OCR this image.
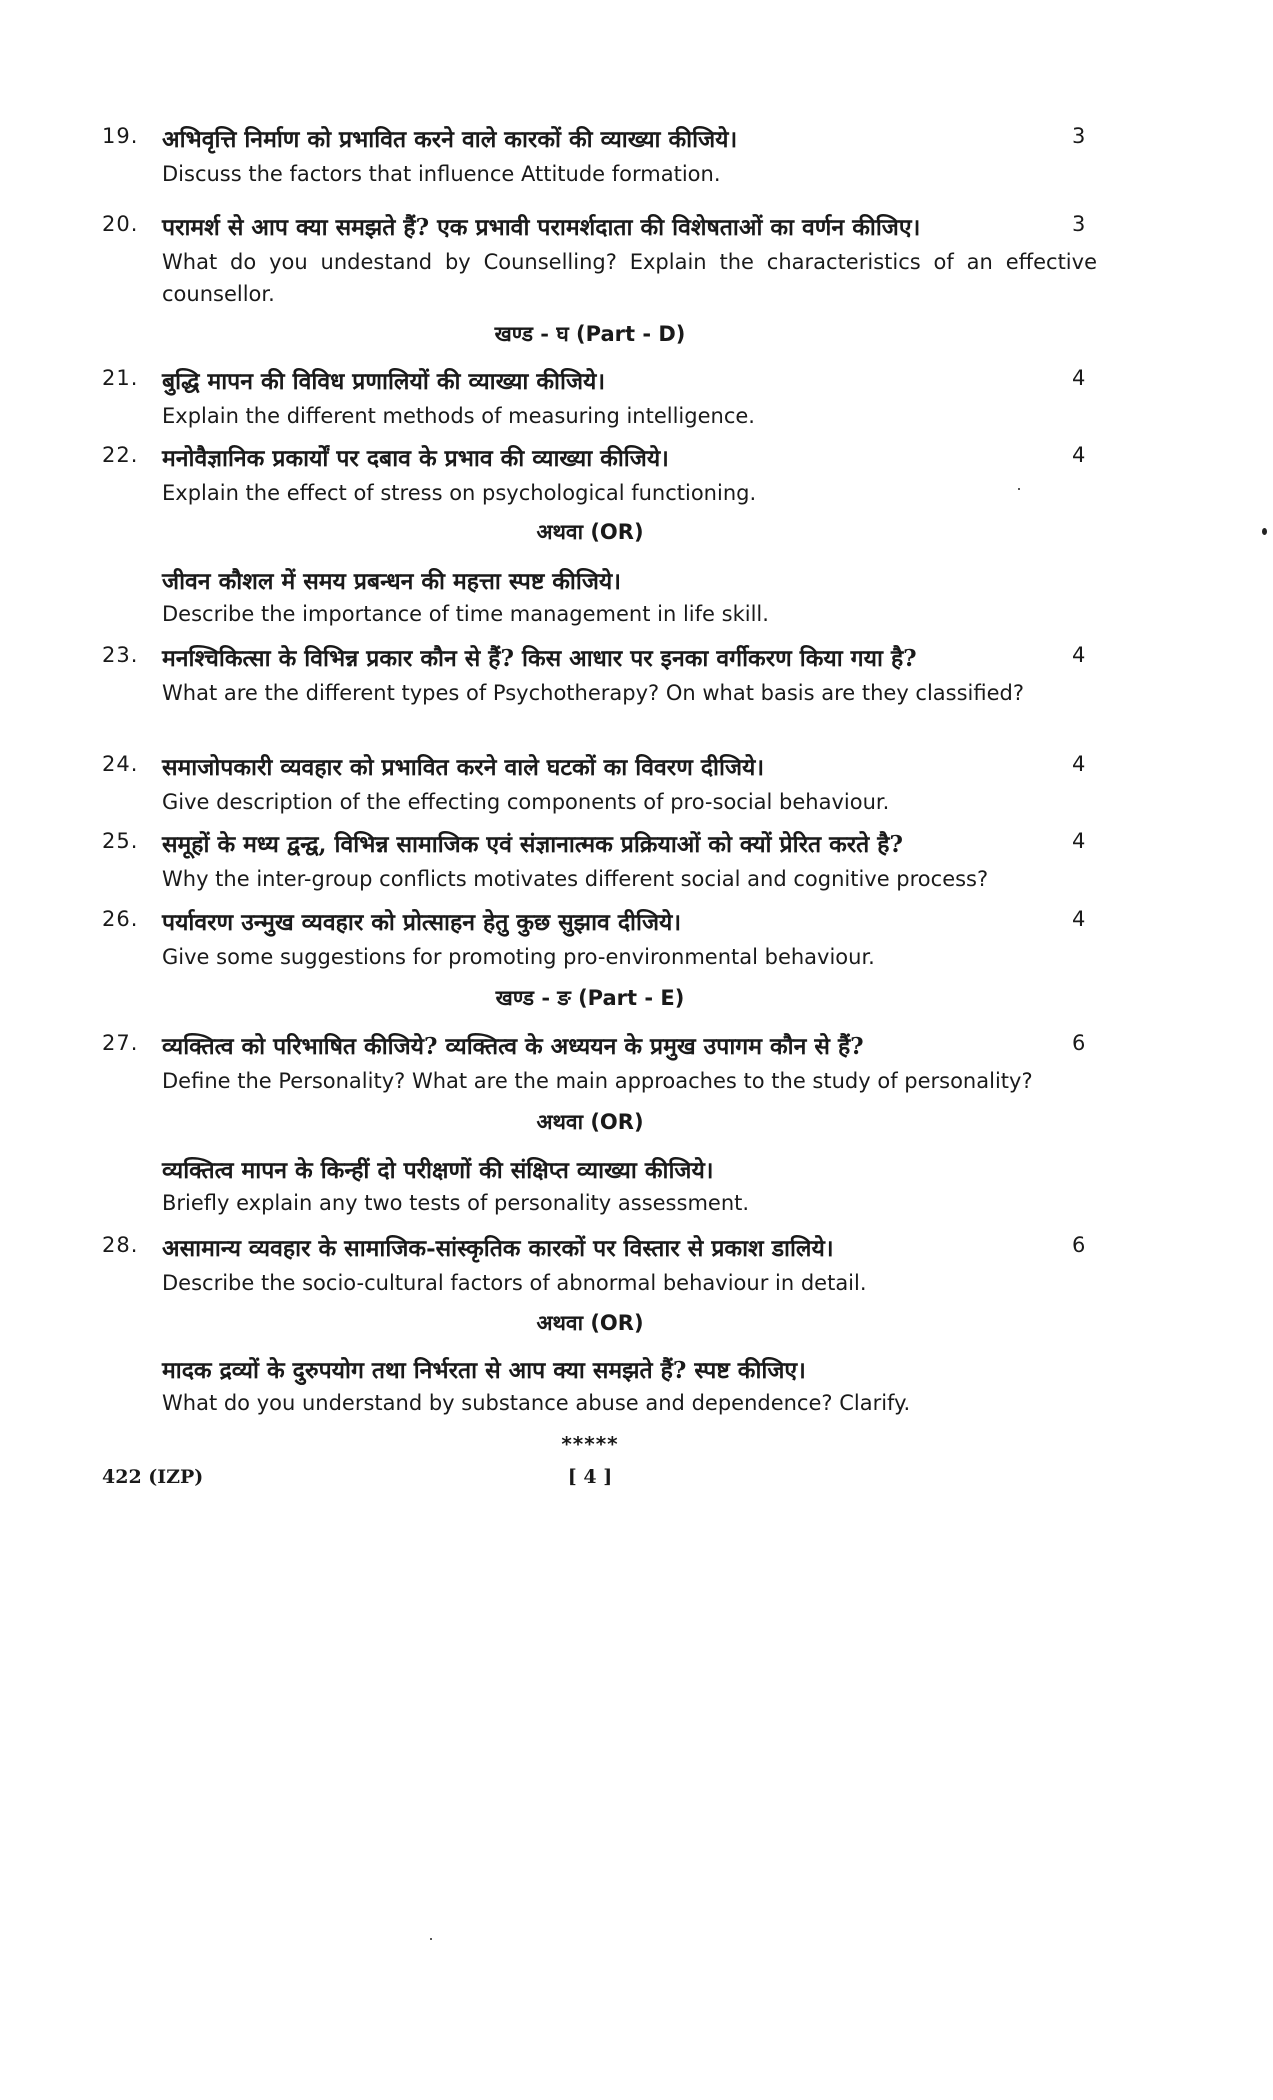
19. अभिवृत्ति निर्माण को प्रभावित करने वाले कारकों की व्याख्या कीजिये।	3
Discuss the factors that influence Attitude formation.
20. परामर्श से आप क्या समझते हैं? एक प्रभावी परामर्शदाता की विशेषताओं का वर्णन कीजिए।	3
What do you undestand by Counselling? Explain the characteristics of an effective counsellor.
खण्ड - घ (Part - D)
21. बुद्धि मापन की विविध प्रणालियों की व्याख्या कीजिये।	4
Explain the different methods of measuring intelligence.
22. मनोवैज्ञानिक प्रकार्यों पर दबाव के प्रभाव की व्याख्या कीजिये।	4
Explain the effect of stress on psychological functioning.
अथवा (OR)
जीवन कौशल में समय प्रबन्धन की महत्ता स्पष्ट कीजिये।
Describe the importance of time management in life skill.
23. मनश्चिकित्सा के विभिन्न प्रकार कौन से हैं? किस आधार पर इनका वर्गीकरण किया गया है?	4
What are the different types of Psychotherapy? On what basis are they classified?
24. समाजोपकारी व्यवहार को प्रभावित करने वाले घटकों का विवरण दीजिये।	4
Give description of the effecting components of pro-social behaviour.
25. समूहों के मध्य द्वन्द्व, विभिन्न सामाजिक एवं संज्ञानात्मक प्रक्रियाओं को क्यों प्रेरित करते है?	4
Why the inter-group conflicts motivates different social and cognitive process?
26. पर्यावरण उन्मुख व्यवहार को प्रोत्साहन हेतु कुछ सुझाव दीजिये।	4
Give some suggestions for promoting pro-environmental behaviour.
खण्ड - ङ (Part - E)
27. व्यक्तित्व को परिभाषित कीजिये? व्यक्तित्व के अध्ययन के प्रमुख उपागम कौन से हैं?	6
Define the Personality? What are the main approaches to the study of personality?
अथवा (OR)
व्यक्तित्व मापन के किन्हीं दो परीक्षणों की संक्षिप्त व्याख्या कीजिये।
Briefly explain any two tests of personality assessment.
28. असामान्य व्यवहार के सामाजिक-सांस्कृतिक कारकों पर विस्तार से प्रकाश डालिये।	6
Describe the socio-cultural factors of abnormal behaviour in detail.
अथवा (OR)
मादक द्रव्यों के दुरुपयोग तथा निर्भरता से आप क्या समझते हैं? स्पष्ट कीजिए।
What do you understand by substance abuse and dependence? Clarify.
*****
422 (IZP)	[ 4 ]
